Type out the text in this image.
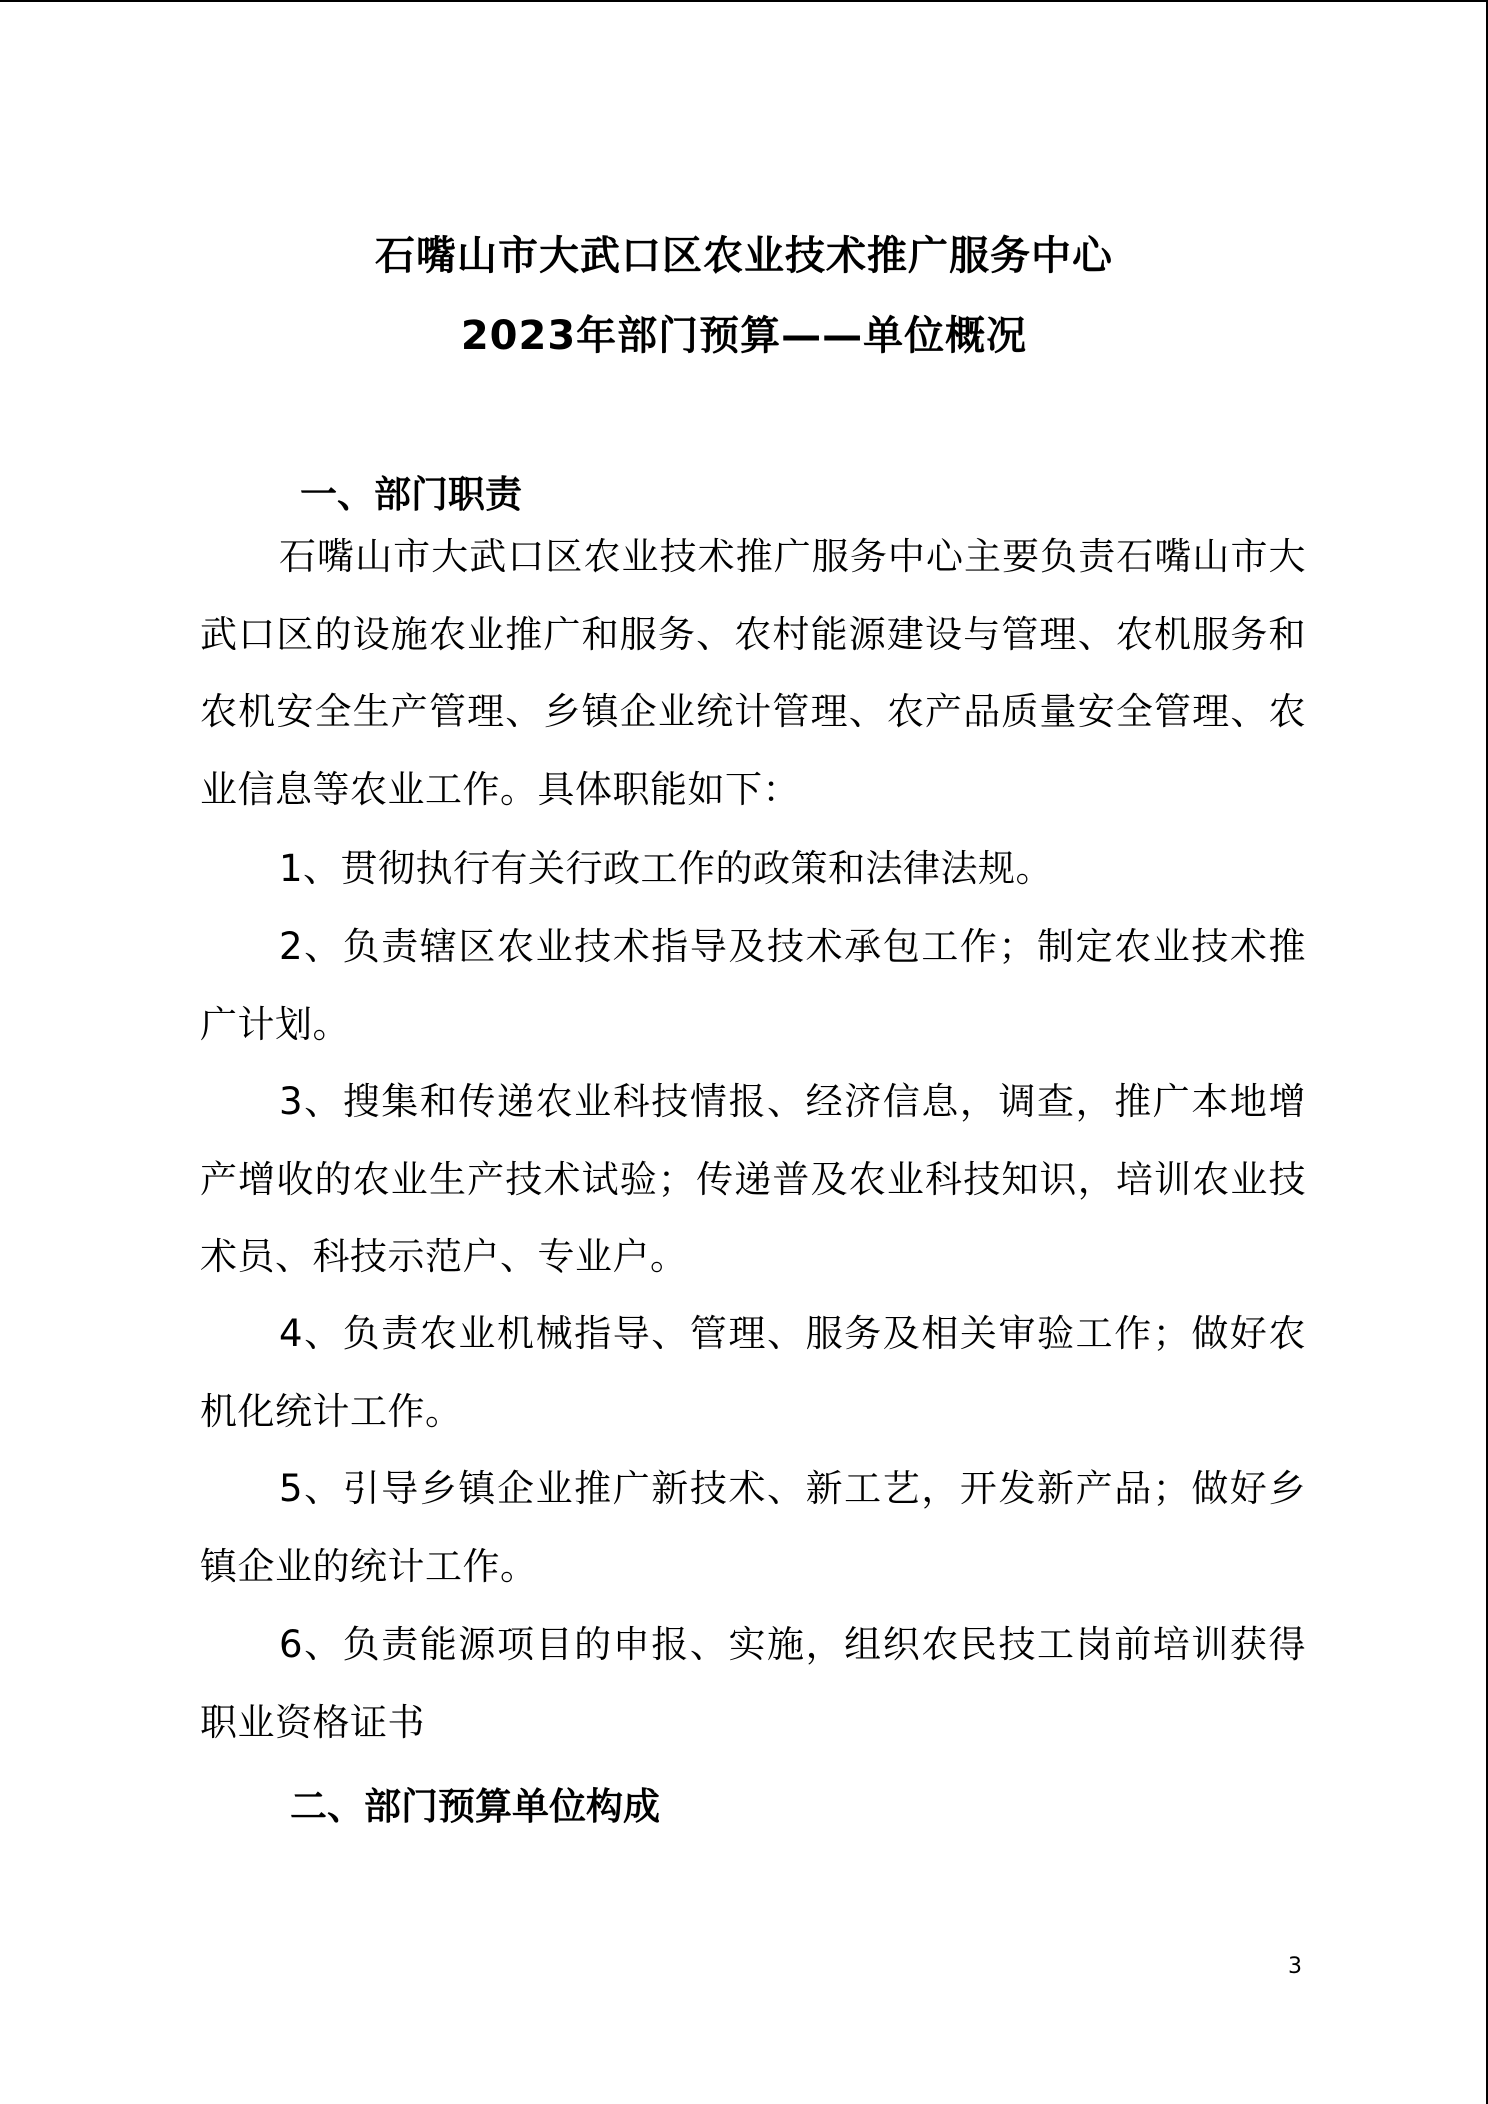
石嘴山市大武口区农业技术推广服务中心
2023年部门预算——单位概况
一、部门职责
石嘴山市大武口区农业技术推广服务中心主要负责石嘴山市大武口区的设施农业推广和服务、农村能源建设与管理、农机服务和农机安全生产管理、乡镇企业统计管理、农产品质量安全管理、农业信息等农业工作。具体职能如下：
1、贯彻执行有关行政工作的政策和法律法规。
2、负责辖区农业技术指导及技术承包工作；制定农业技术推广计划。
3、搜集和传递农业科技情报、经济信息，调查，推广本地增产增收的农业生产技术试验；传递普及农业科技知识，培训农业技术员、科技示范户、专业户。
4、负责农业机械指导、管理、服务及相关审验工作；做好农机化统计工作。
5、引导乡镇企业推广新技术、新工艺，开发新产品；做好乡镇企业的统计工作。
6、负责能源项目的申报、实施，组织农民技工岗前培训获得职业资格证书
二、部门预算单位构成
3
